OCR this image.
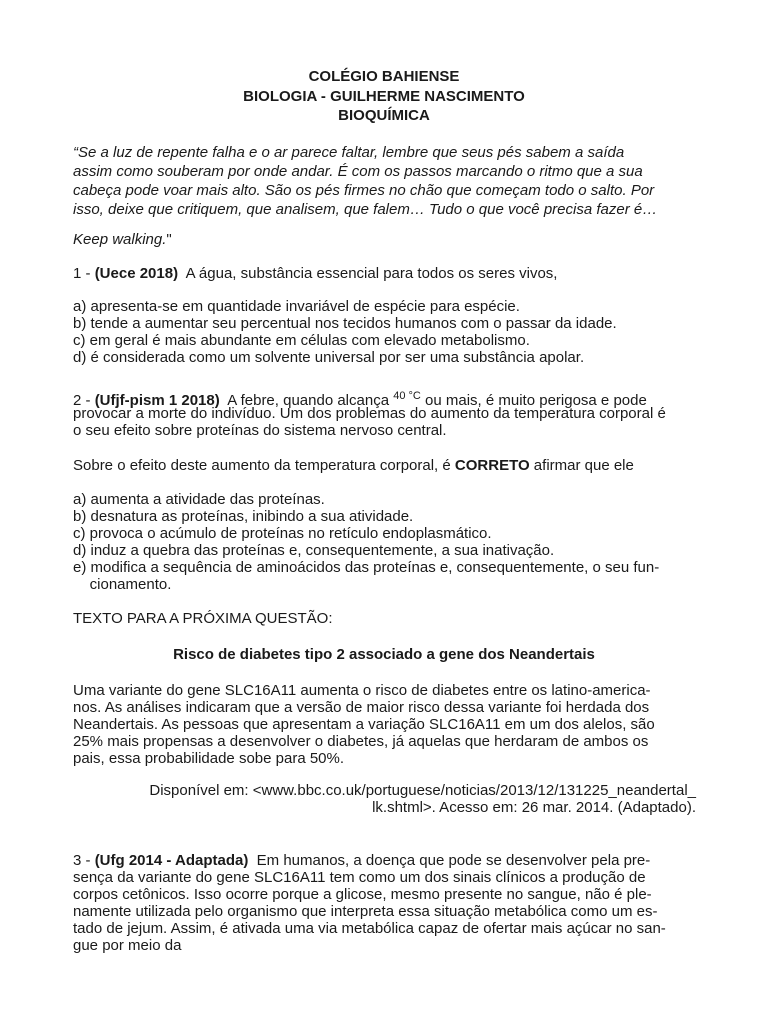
COLÉGIO BAHIENSE
BIOLOGIA - GUILHERME NASCIMENTO
BIOQUÍMICA
“Se a luz de repente falha e o ar parece faltar, lembre que seus pés sabem a saída
assim como souberam por onde andar. É com os passos marcando o ritmo que a sua
cabeça pode voar mais alto. São os pés firmes no chão que começam todo o salto. Por
isso, deixe que critiquem, que analisem, que falem… Tudo o que você precisa fazer é…
Keep walking."
1 - (Uece 2018)  A água, substância essencial para todos os seres vivos,
a) apresenta-se em quantidade invariável de espécie para espécie.
b) tende a aumentar seu percentual nos tecidos humanos com o passar da idade.
c) em geral é mais abundante em células com elevado metabolismo.
d) é considerada como um solvente universal por ser uma substância apolar.
2 - (Ufjf-pism 1 2018)  A febre, quando alcança $^{40 ^\circ C}$ ou mais, é muito perigosa e pode
provocar a morte do indivíduo. Um dos problemas do aumento da temperatura corporal é
o seu efeito sobre proteínas do sistema nervoso central.
Sobre o efeito deste aumento da temperatura corporal, é CORRETO afirmar que ele
a) aumenta a atividade das proteínas.
b) desnatura as proteínas, inibindo a sua atividade.
c) provoca o acúmulo de proteínas no retículo endoplasmático.
d) induz a quebra das proteínas e, consequentemente, a sua inativação.
e) modifica a sequência de aminoácidos das proteínas e, consequentemente, o seu fun-
cionamento.
TEXTO PARA A PRÓXIMA QUESTÃO:
Risco de diabetes tipo 2 associado a gene dos Neandertais
Uma variante do gene SLC16A11 aumenta o risco de diabetes entre os latino-america-
nos. As análises indicaram que a versão de maior risco dessa variante foi herdada dos
Neandertais. As pessoas que apresentam a variação SLC16A11 em um dos alelos, são
25% mais propensas a desenvolver o diabetes, já aquelas que herdaram de ambos os
pais, essa probabilidade sobe para 50%.
Disponível em: <www.bbc.co.uk/portuguese/noticias/2013/12/131225_neandertal_
lk.shtml>. Acesso em: 26 mar. 2014. (Adaptado).
3 - (Ufg 2014 - Adaptada)  Em humanos, a doença que pode se desenvolver pela pre-
sença da variante do gene SLC16A11 tem como um dos sinais clínicos a produção de
corpos cetônicos. Isso ocorre porque a glicose, mesmo presente no sangue, não é ple-
namente utilizada pelo organismo que interpreta essa situação metabólica como um es-
tado de jejum. Assim, é ativada uma via metabólica capaz de ofertar mais açúcar no san-
gue por meio da
